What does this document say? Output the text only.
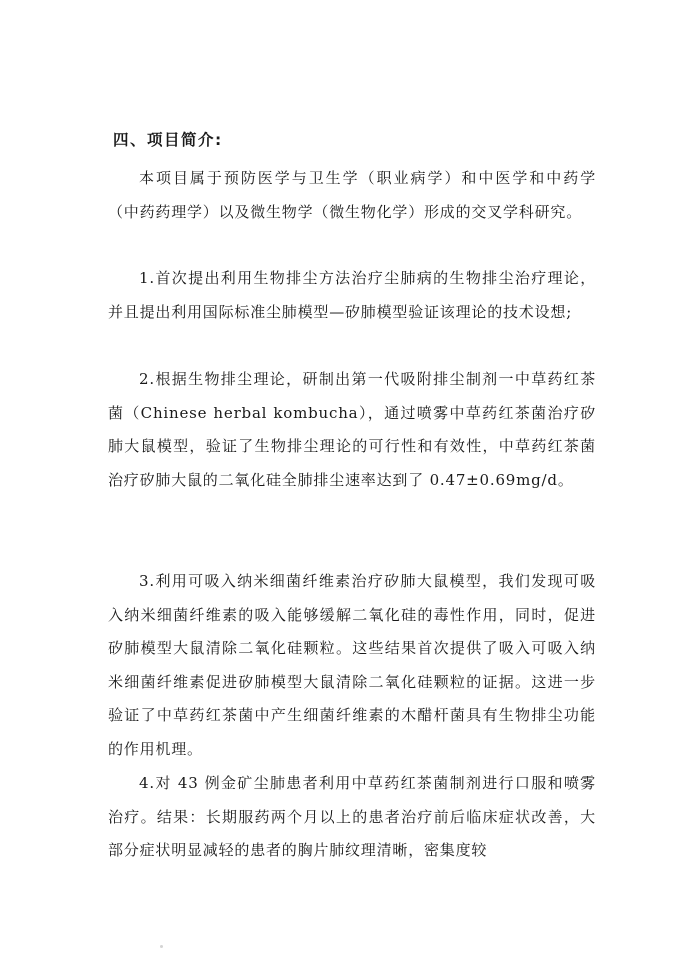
四、项目简介:

本项目属于预防医学与卫生学（职业病学）和中医学和中药学（中药药理学）以及微生物学（微生物化学）形成的交叉学科研究。

1.首次提出利用生物排尘方法治疗尘肺病的生物排尘治疗理论，并且提出利用国际标准尘肺模型—矽肺模型验证该理论的技术设想;

2.根据生物排尘理论，研制出第一代吸附排尘制剂一中草药红茶菌（Chinese herbal kombucha），通过喷雾中草药红茶菌治疗矽肺大鼠模型，验证了生物排尘理论的可行性和有效性，中草药红茶菌治疗矽肺大鼠的二氧化硅全肺排尘速率达到了 0.47±0.69mg/d。

3.利用可吸入纳米细菌纤维素治疗矽肺大鼠模型，我们发现可吸入纳米细菌纤维素的吸入能够缓解二氧化硅的毒性作用，同时，促进矽肺模型大鼠清除二氧化硅颗粒。这些结果首次提供了吸入可吸入纳米细菌纤维素促进矽肺模型大鼠清除二氧化硅颗粒的证据。这进一步验证了中草药红茶菌中产生细菌纤维素的木醋杆菌具有生物排尘功能的作用机理。

4.对 43 例金矿尘肺患者利用中草药红茶菌制剂进行口服和喷雾治疗。结果：长期服药两个月以上的患者治疗前后临床症状改善，大部分症状明显减轻的患者的胸片肺纹理清晰，密集度较
